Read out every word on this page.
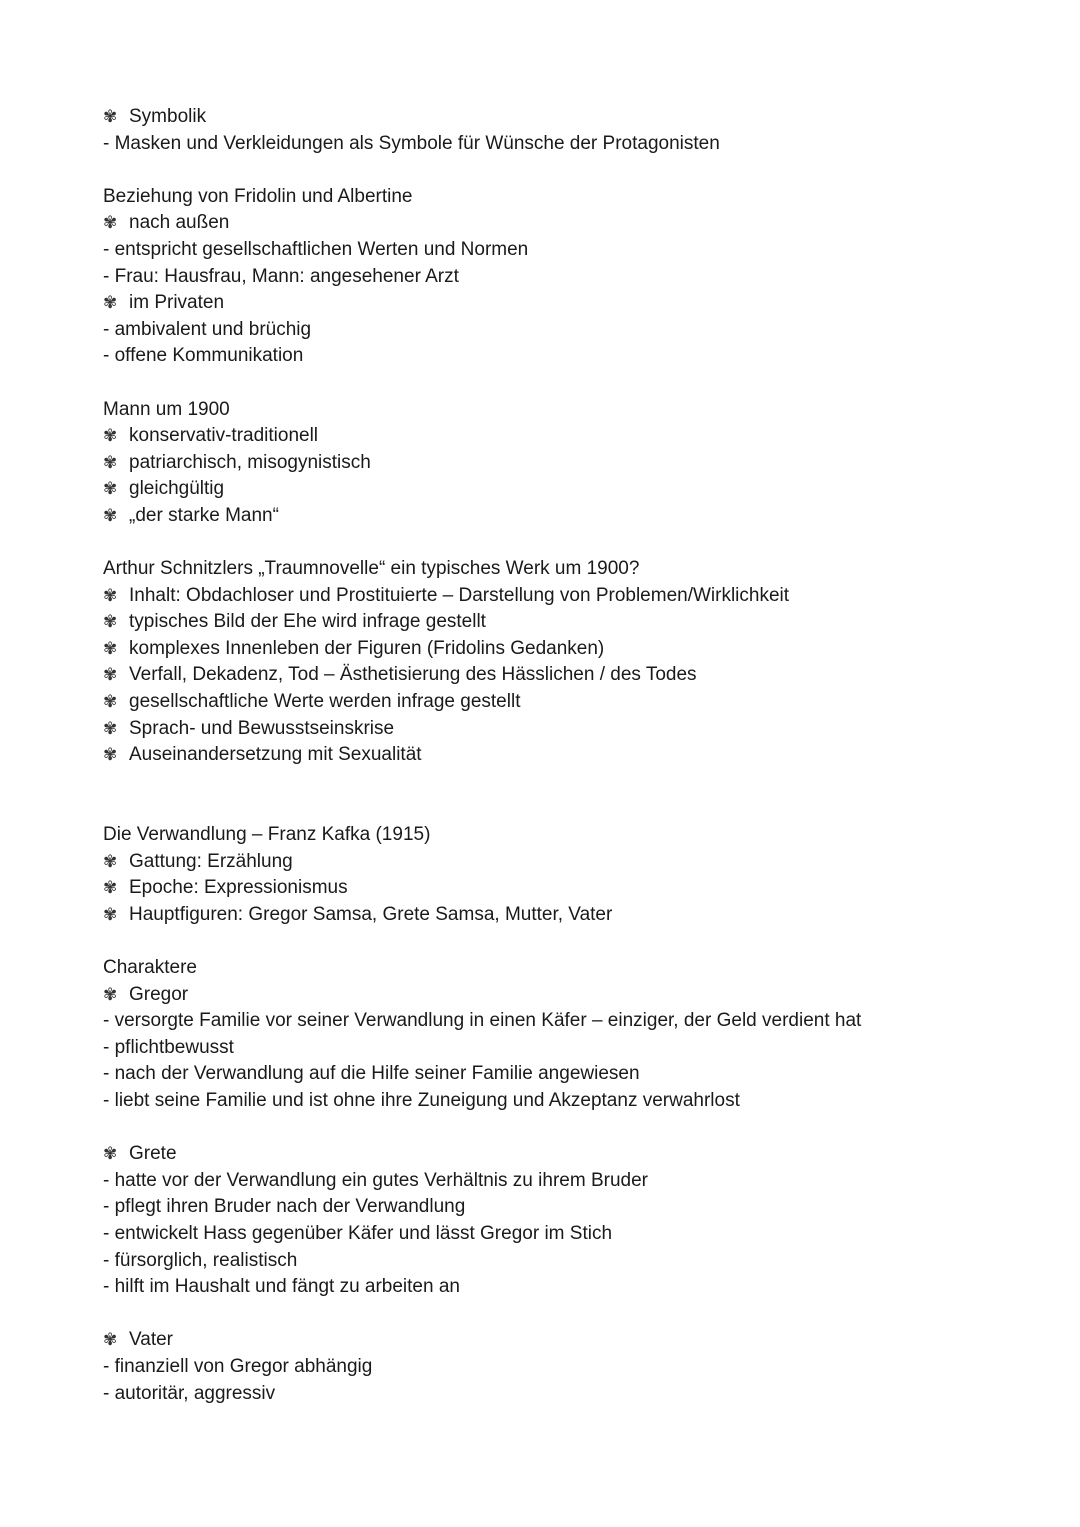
✾ Symbolik
- Masken und Verkleidungen als Symbole für Wünsche der Protagonisten
Beziehung von Fridolin und Albertine
✾ nach außen
- entspricht gesellschaftlichen Werten und Normen
- Frau: Hausfrau, Mann: angesehener Arzt
✾ im Privaten
- ambivalent und brüchig
- offene Kommunikation
Mann um 1900
✾ konservativ-traditionell
✾ patriarchisch, misogynistisch
✾ gleichgültig
✾ „der starke Mann“
Arthur Schnitzlers „Traumnovelle“ ein typisches Werk um 1900?
✾ Inhalt: Obdachloser und Prostituierte – Darstellung von Problemen/Wirklichkeit
✾ typisches Bild der Ehe wird infrage gestellt
✾ komplexes Innenleben der Figuren (Fridolins Gedanken)
✾ Verfall, Dekadenz, Tod – Ästhetisierung des Hässlichen / des Todes
✾ gesellschaftliche Werte werden infrage gestellt
✾ Sprach- und Bewusstseinskrise
✾ Auseinandersetzung mit Sexualität
Die Verwandlung – Franz Kafka (1915)
✾ Gattung: Erzählung
✾ Epoche: Expressionismus
✾ Hauptfiguren: Gregor Samsa, Grete Samsa, Mutter, Vater
Charaktere
✾ Gregor
- versorgte Familie vor seiner Verwandlung in einen Käfer – einziger, der Geld verdient hat
- pflichtbewusst
- nach der Verwandlung auf die Hilfe seiner Familie angewiesen
- liebt seine Familie und ist ohne ihre Zuneigung und Akzeptanz verwahrlost
✾ Grete
- hatte vor der Verwandlung ein gutes Verhältnis zu ihrem Bruder
- pflegt ihren Bruder nach der Verwandlung
- entwickelt Hass gegenüber Käfer und lässt Gregor im Stich
- fürsorglich, realistisch
- hilft im Haushalt und fängt zu arbeiten an
✾ Vater
- finanziell von Gregor abhängig
- autoritär, aggressiv
